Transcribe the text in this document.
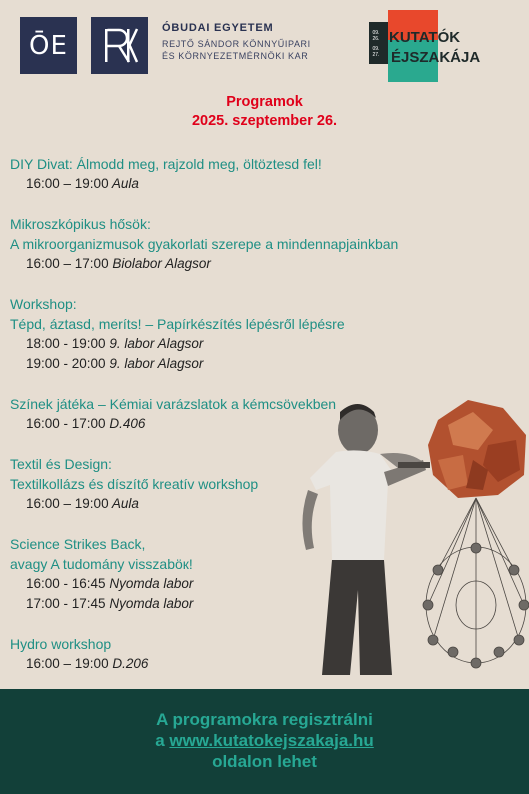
ŌE
ÓBUDAI EGYETEM
REJTŐ SÁNDOR KÖNNYŰIPARI
ÉS KÖRNYEZETMÉRNÖKI KAR
09.
26.
09.
27.
KUTATÓK
ÉJSZAKÁJA
Programok
2025. szeptember 26.
DIY Divat: Álmodd meg, rajzold meg, öltöztesd fel!
16:00 – 19:00 Aula
Mikroszkópikus hősök:
A mikroorganizmusok gyakorlati szerepe a mindennapjainkban
16:00 – 17:00 Biolabor Alagsor
Workshop:
Tépd, áztasd, meríts! – Papírkészítés lépésről lépésre
18:00 - 19:00 9. labor Alagsor
19:00 - 20:00 9. labor Alagsor
Színek játéka – Kémiai varázslatok a kémcsövekben
16:00 - 17:00 D.406
Textil és Design:
Textilkollázs és díszítő kreatív workshop
16:00 – 19:00 Aula
Science Strikes Back,
avagy A tudomány visszaböк!
16:00 - 16:45 Nyomda labor
17:00 - 17:45 Nyomda labor
Hydro workshop
16:00 – 19:00 D.206
A programokra regisztrálni
a www.kutatokejszakaja.hu
oldalon lehet
